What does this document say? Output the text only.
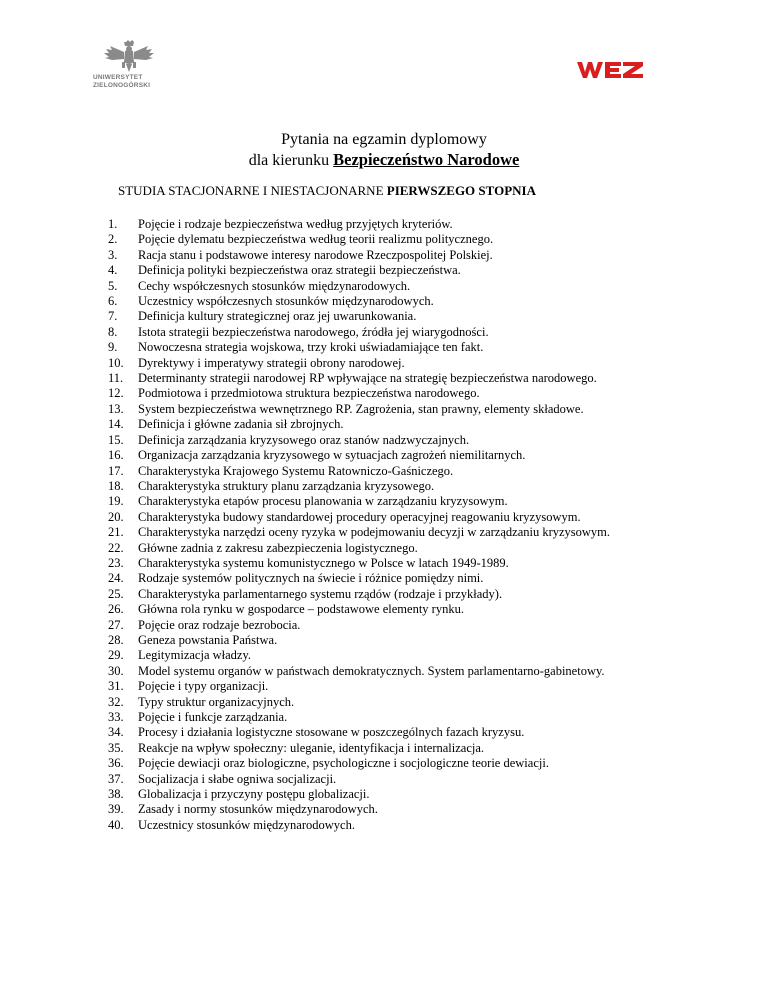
UNIWERSYTET
ZIELONOGÓRSKI
Pytania na egzamin dyplomowy
dla kierunku Bezpieczeństwo Narodowe
STUDIA STACJONARNE I NIESTACJONARNE PIERWSZEGO STOPNIA
1. Pojęcie i rodzaje bezpieczeństwa według przyjętych kryteriów.
2. Pojęcie dylematu bezpieczeństwa według teorii realizmu politycznego.
3. Racja stanu i podstawowe interesy narodowe Rzeczpospolitej Polskiej.
4. Definicja polityki bezpieczeństwa oraz strategii bezpieczeństwa.
5. Cechy współczesnych stosunków międzynarodowych.
6. Uczestnicy współczesnych stosunków międzynarodowych.
7. Definicja kultury strategicznej oraz jej uwarunkowania.
8. Istota strategii bezpieczeństwa narodowego, źródła jej wiarygodności.
9. Nowoczesna strategia wojskowa, trzy kroki uświadamiające ten fakt.
10. Dyrektywy i imperatywy strategii obrony narodowej.
11. Determinanty strategii narodowej RP wpływające na strategię bezpieczeństwa narodowego.
12. Podmiotowa i przedmiotowa struktura bezpieczeństwa narodowego.
13. System bezpieczeństwa wewnętrznego RP. Zagrożenia, stan prawny, elementy składowe.
14. Definicja i główne zadania sił zbrojnych.
15. Definicja zarządzania kryzysowego oraz stanów nadzwyczajnych.
16. Organizacja zarządzania kryzysowego w sytuacjach zagrożeń niemilitarnych.
17. Charakterystyka Krajowego Systemu Ratowniczo-Gaśniczego.
18. Charakterystyka struktury planu zarządzania kryzysowego.
19. Charakterystyka etapów procesu planowania w zarządzaniu kryzysowym.
20. Charakterystyka budowy standardowej procedury operacyjnej reagowaniu kryzysowym.
21. Charakterystyka narzędzi oceny ryzyka w podejmowaniu decyzji w zarządzaniu kryzysowym.
22. Główne zadnia z zakresu zabezpieczenia logistycznego.
23. Charakterystyka systemu komunistycznego w Polsce w latach 1949-1989.
24. Rodzaje systemów politycznych na świecie i różnice pomiędzy nimi.
25. Charakterystyka parlamentarnego systemu rządów (rodzaje i przykłady).
26. Główna rola rynku w gospodarce – podstawowe elementy rynku.
27. Pojęcie oraz rodzaje bezrobocia.
28. Geneza powstania Państwa.
29. Legitymizacja władzy.
30. Model systemu organów w państwach demokratycznych. System parlamentarno-gabinetowy.
31. Pojęcie i typy organizacji.
32. Typy struktur organizacyjnych.
33. Pojęcie i funkcje zarządzania.
34. Procesy i działania logistyczne stosowane w poszczególnych fazach kryzysu.
35. Reakcje na wpływ społeczny: uleganie, identyfikacja i internalizacja.
36. Pojęcie dewiacji oraz biologiczne, psychologiczne i socjologiczne teorie dewiacji.
37. Socjalizacja i słabe ogniwa socjalizacji.
38. Globalizacja i przyczyny postępu globalizacji.
39. Zasady i normy stosunków międzynarodowych.
40. Uczestnicy stosunków międzynarodowych.
